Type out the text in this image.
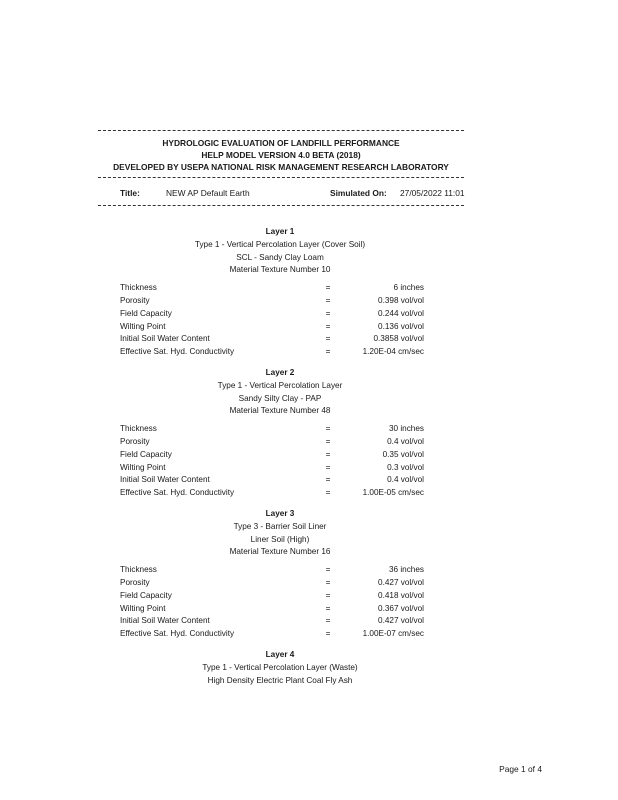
HYDROLOGIC EVALUATION OF LANDFILL PERFORMANCE
HELP MODEL VERSION 4.0 BETA (2018)
DEVELOPED BY USEPA NATIONAL RISK MANAGEMENT RESEARCH LABORATORY
Title:	NEW AP Default Earth	Simulated On: 27/05/2022 11:01
Layer 1
Type 1 - Vertical Percolation Layer (Cover Soil)
SCL - Sandy Clay Loam
Material Texture Number 10
Thickness	=	6 inches
Porosity	=	0.398 vol/vol
Field Capacity	=	0.244 vol/vol
Wilting Point	=	0.136 vol/vol
Initial Soil Water Content	=	0.3858 vol/vol
Effective Sat. Hyd. Conductivity	=	1.20E-04 cm/sec
Layer 2
Type 1 - Vertical Percolation Layer
Sandy Silty Clay - PAP
Material Texture Number 48
Thickness	=	30 inches
Porosity	=	0.4 vol/vol
Field Capacity	=	0.35 vol/vol
Wilting Point	=	0.3 vol/vol
Initial Soil Water Content	=	0.4 vol/vol
Effective Sat. Hyd. Conductivity	=	1.00E-05 cm/sec
Layer 3
Type 3 - Barrier Soil Liner
Liner Soil (High)
Material Texture Number 16
Thickness	=	36 inches
Porosity	=	0.427 vol/vol
Field Capacity	=	0.418 vol/vol
Wilting Point	=	0.367 vol/vol
Initial Soil Water Content	=	0.427 vol/vol
Effective Sat. Hyd. Conductivity	=	1.00E-07 cm/sec
Layer 4
Type 1 - Vertical Percolation Layer (Waste)
High Density Electric Plant Coal Fly Ash
Page 1 of 4
